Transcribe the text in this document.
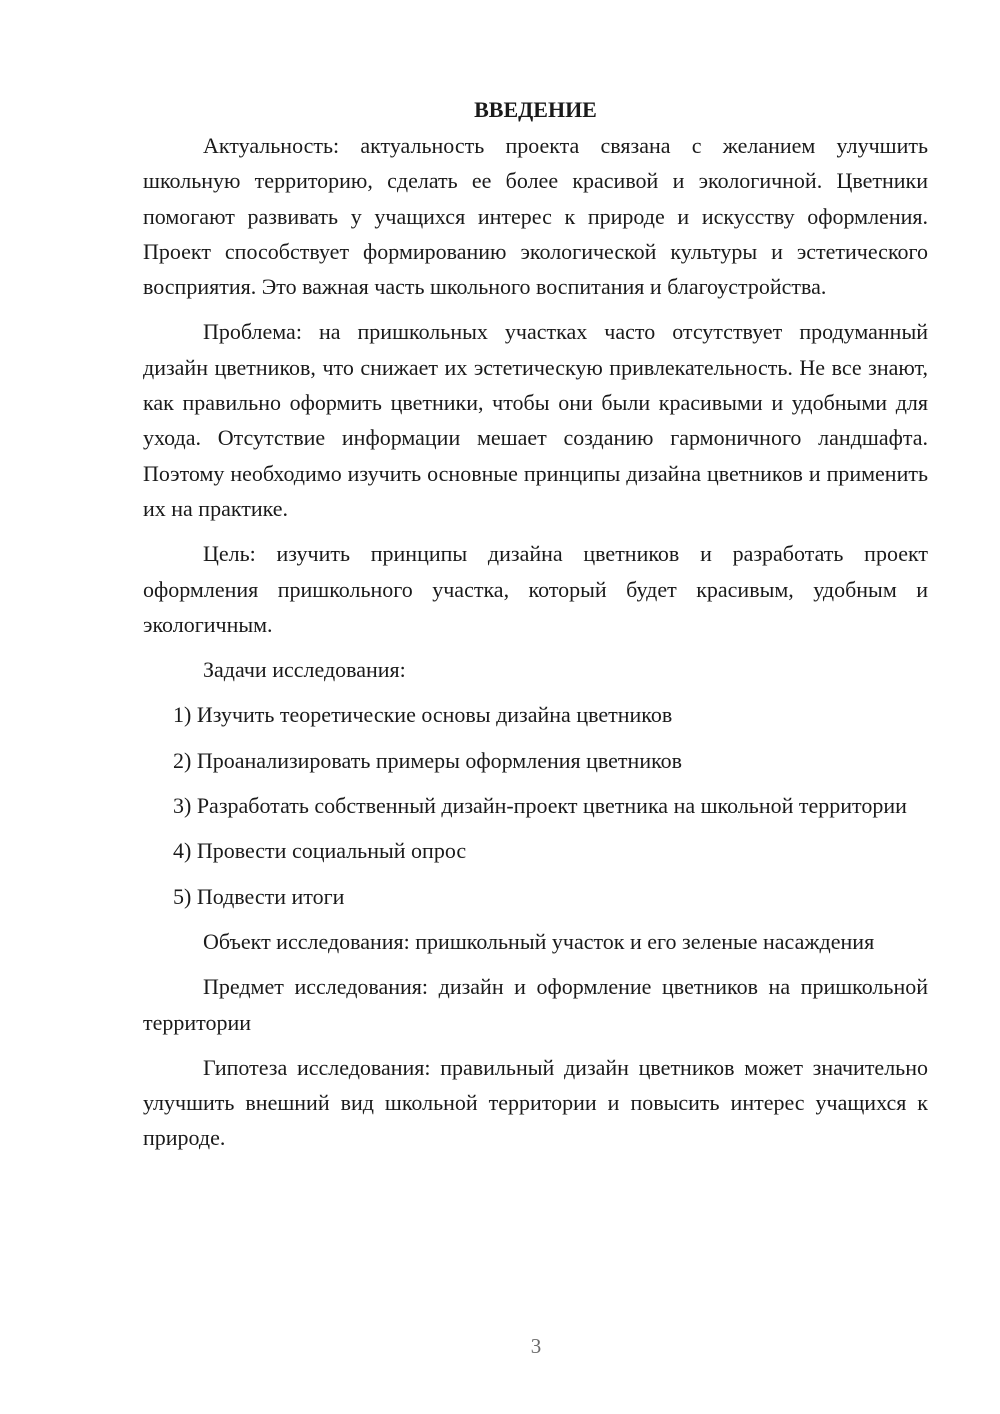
ВВЕДЕНИЕ

Актуальность: актуальность проекта связана с желанием улучшить школьную территорию, сделать ее более красивой и экологичной. Цветники помогают развивать у учащихся интерес к природе и искусству оформления. Проект способствует формированию экологической культуры и эстетического восприятия. Это важная часть школьного воспитания и благоустройства.

Проблема: на пришкольных участках часто отсутствует продуманный дизайн цветников, что снижает их эстетическую привлекательность. Не все знают, как правильно оформить цветники, чтобы они были красивыми и удобными для ухода. Отсутствие информации мешает созданию гармоничного ландшафта. Поэтому необходимо изучить основные принципы дизайна цветников и применить их на практике.

Цель: изучить принципы дизайна цветников и разработать проект оформления пришкольного участка, который будет красивым, удобным и экологичным.

Задачи исследования:

1) Изучить теоретические основы дизайна цветников

2) Проанализировать примеры оформления цветников

3) Разработать собственный дизайн-проект цветника на школьной территории

4) Провести социальный опрос

5) Подвести итоги

Объект исследования: пришкольный участок и его зеленые насаждения

Предмет исследования: дизайн и оформление цветников на пришкольной территории

Гипотеза исследования: правильный дизайн цветников может значительно улучшить внешний вид школьной территории и повысить интерес учащихся к природе.

3
